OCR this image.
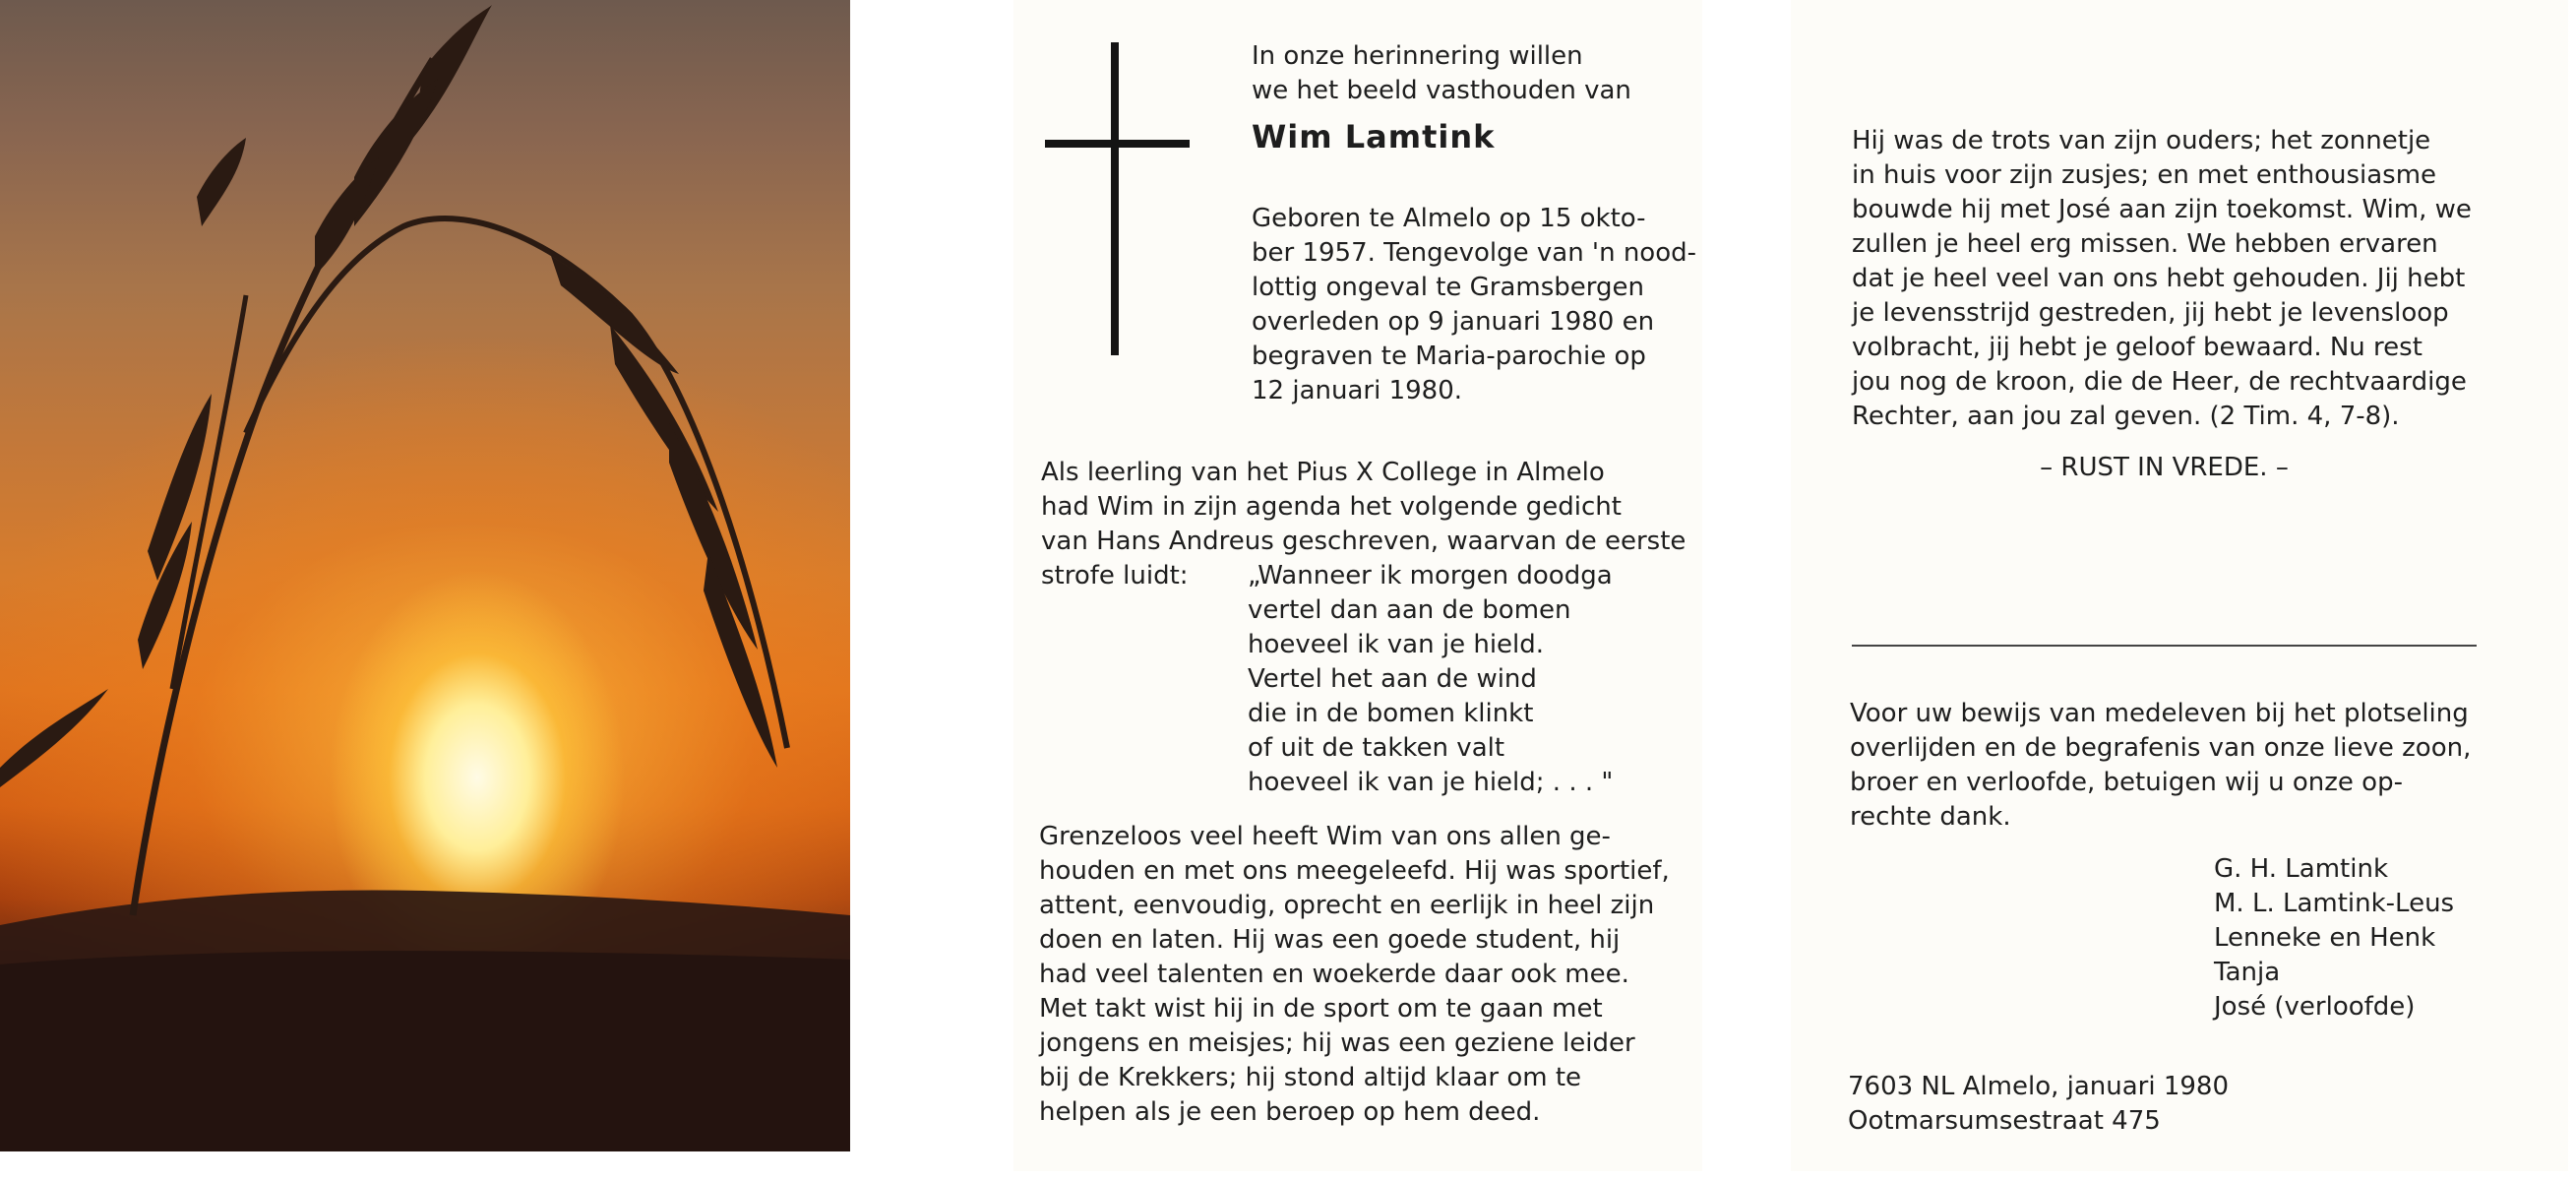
In onze herinnering willen
we het beeld vasthouden van
Wim Lamtink
Geboren te Almelo op 15 okto-
ber 1957. Tengevolge van 'n nood-
lottig ongeval te Gramsbergen
overleden op 9 januari 1980 en
begraven te Maria-parochie op
12 januari 1980.
Als leerling van het Pius X College in Almelo
had Wim in zijn agenda het volgende gedicht
van Hans Andreus geschreven, waarvan de eerste
strofe luidt:	„Wanneer ik morgen doodga
vertel dan aan de bomen
hoeveel ik van je hield.
Vertel het aan de wind
die in de bomen klinkt
of uit de takken valt
hoeveel ik van je hield; . . . "
Grenzeloos veel heeft Wim van ons allen ge-
houden en met ons meegeleefd. Hij was sportief,
attent, eenvoudig, oprecht en eerlijk in heel zijn
doen en laten. Hij was een goede student, hij
had veel talenten en woekerde daar ook mee.
Met takt wist hij in de sport om te gaan met
jongens en meisjes; hij was een geziene leider
bij de Krekkers; hij stond altijd klaar om te
helpen als je een beroep op hem deed.
Hij was de trots van zijn ouders; het zonnetje
in huis voor zijn zusjes; en met enthousiasme
bouwde hij met José aan zijn toekomst. Wim, we
zullen je heel erg missen. We hebben ervaren
dat je heel veel van ons hebt gehouden. Jij hebt
je levensstrijd gestreden, jij hebt je levensloop
volbracht, jij hebt je geloof bewaard. Nu rest
jou nog de kroon, die de Heer, de rechtvaardige
Rechter, aan jou zal geven. (2 Tim. 4, 7-8).
– RUST IN VREDE. –
Voor uw bewijs van medeleven bij het plotseling
overlijden en de begrafenis van onze lieve zoon,
broer en verloofde, betuigen wij u onze op-
rechte dank.
G. H. Lamtink
M. L. Lamtink-Leus
Lenneke en Henk
Tanja
José (verloofde)
7603 NL Almelo, januari 1980
Ootmarsumsestraat 475
